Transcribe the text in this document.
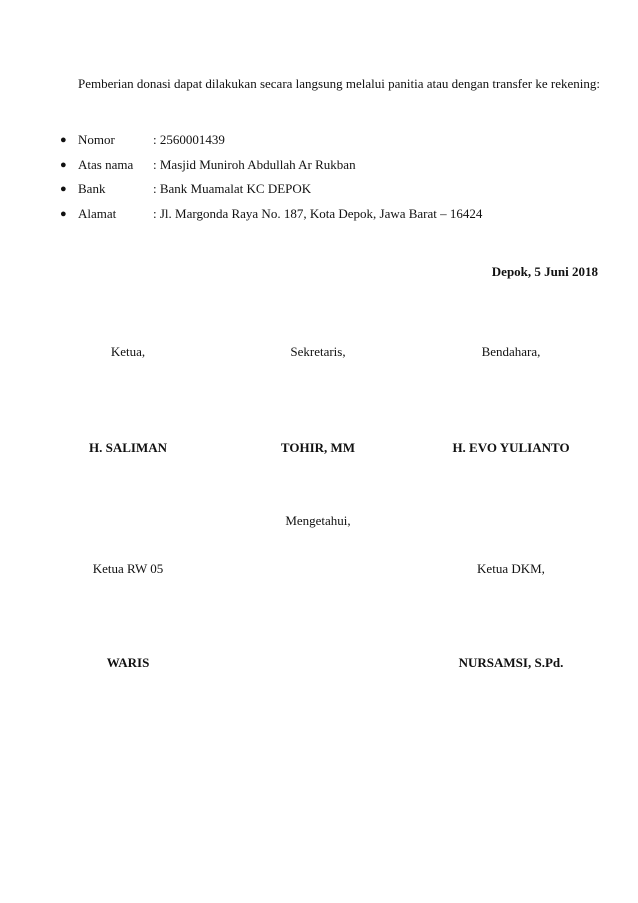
Pemberian donasi dapat dilakukan secara langsung melalui panitia atau dengan transfer ke rekening:

● Nomor	: 2560001439
● Atas nama : Masjid Muniroh Abdullah Ar Rukban
● Bank	: Bank Muamalat KC DEPOK
● Alamat	: Jl. Margonda Raya No. 187, Kota Depok, Jawa Barat – 16424
Depok, 5 Juni 2018
Ketua,	Sekretaris,	Bendahara,
H. SALIMAN	TOHIR, MM	H. EVO YULIANTO
Mengetahui,
Ketua RW 05	Ketua DKM,
WARIS	NURSAMSI, S.Pd.
